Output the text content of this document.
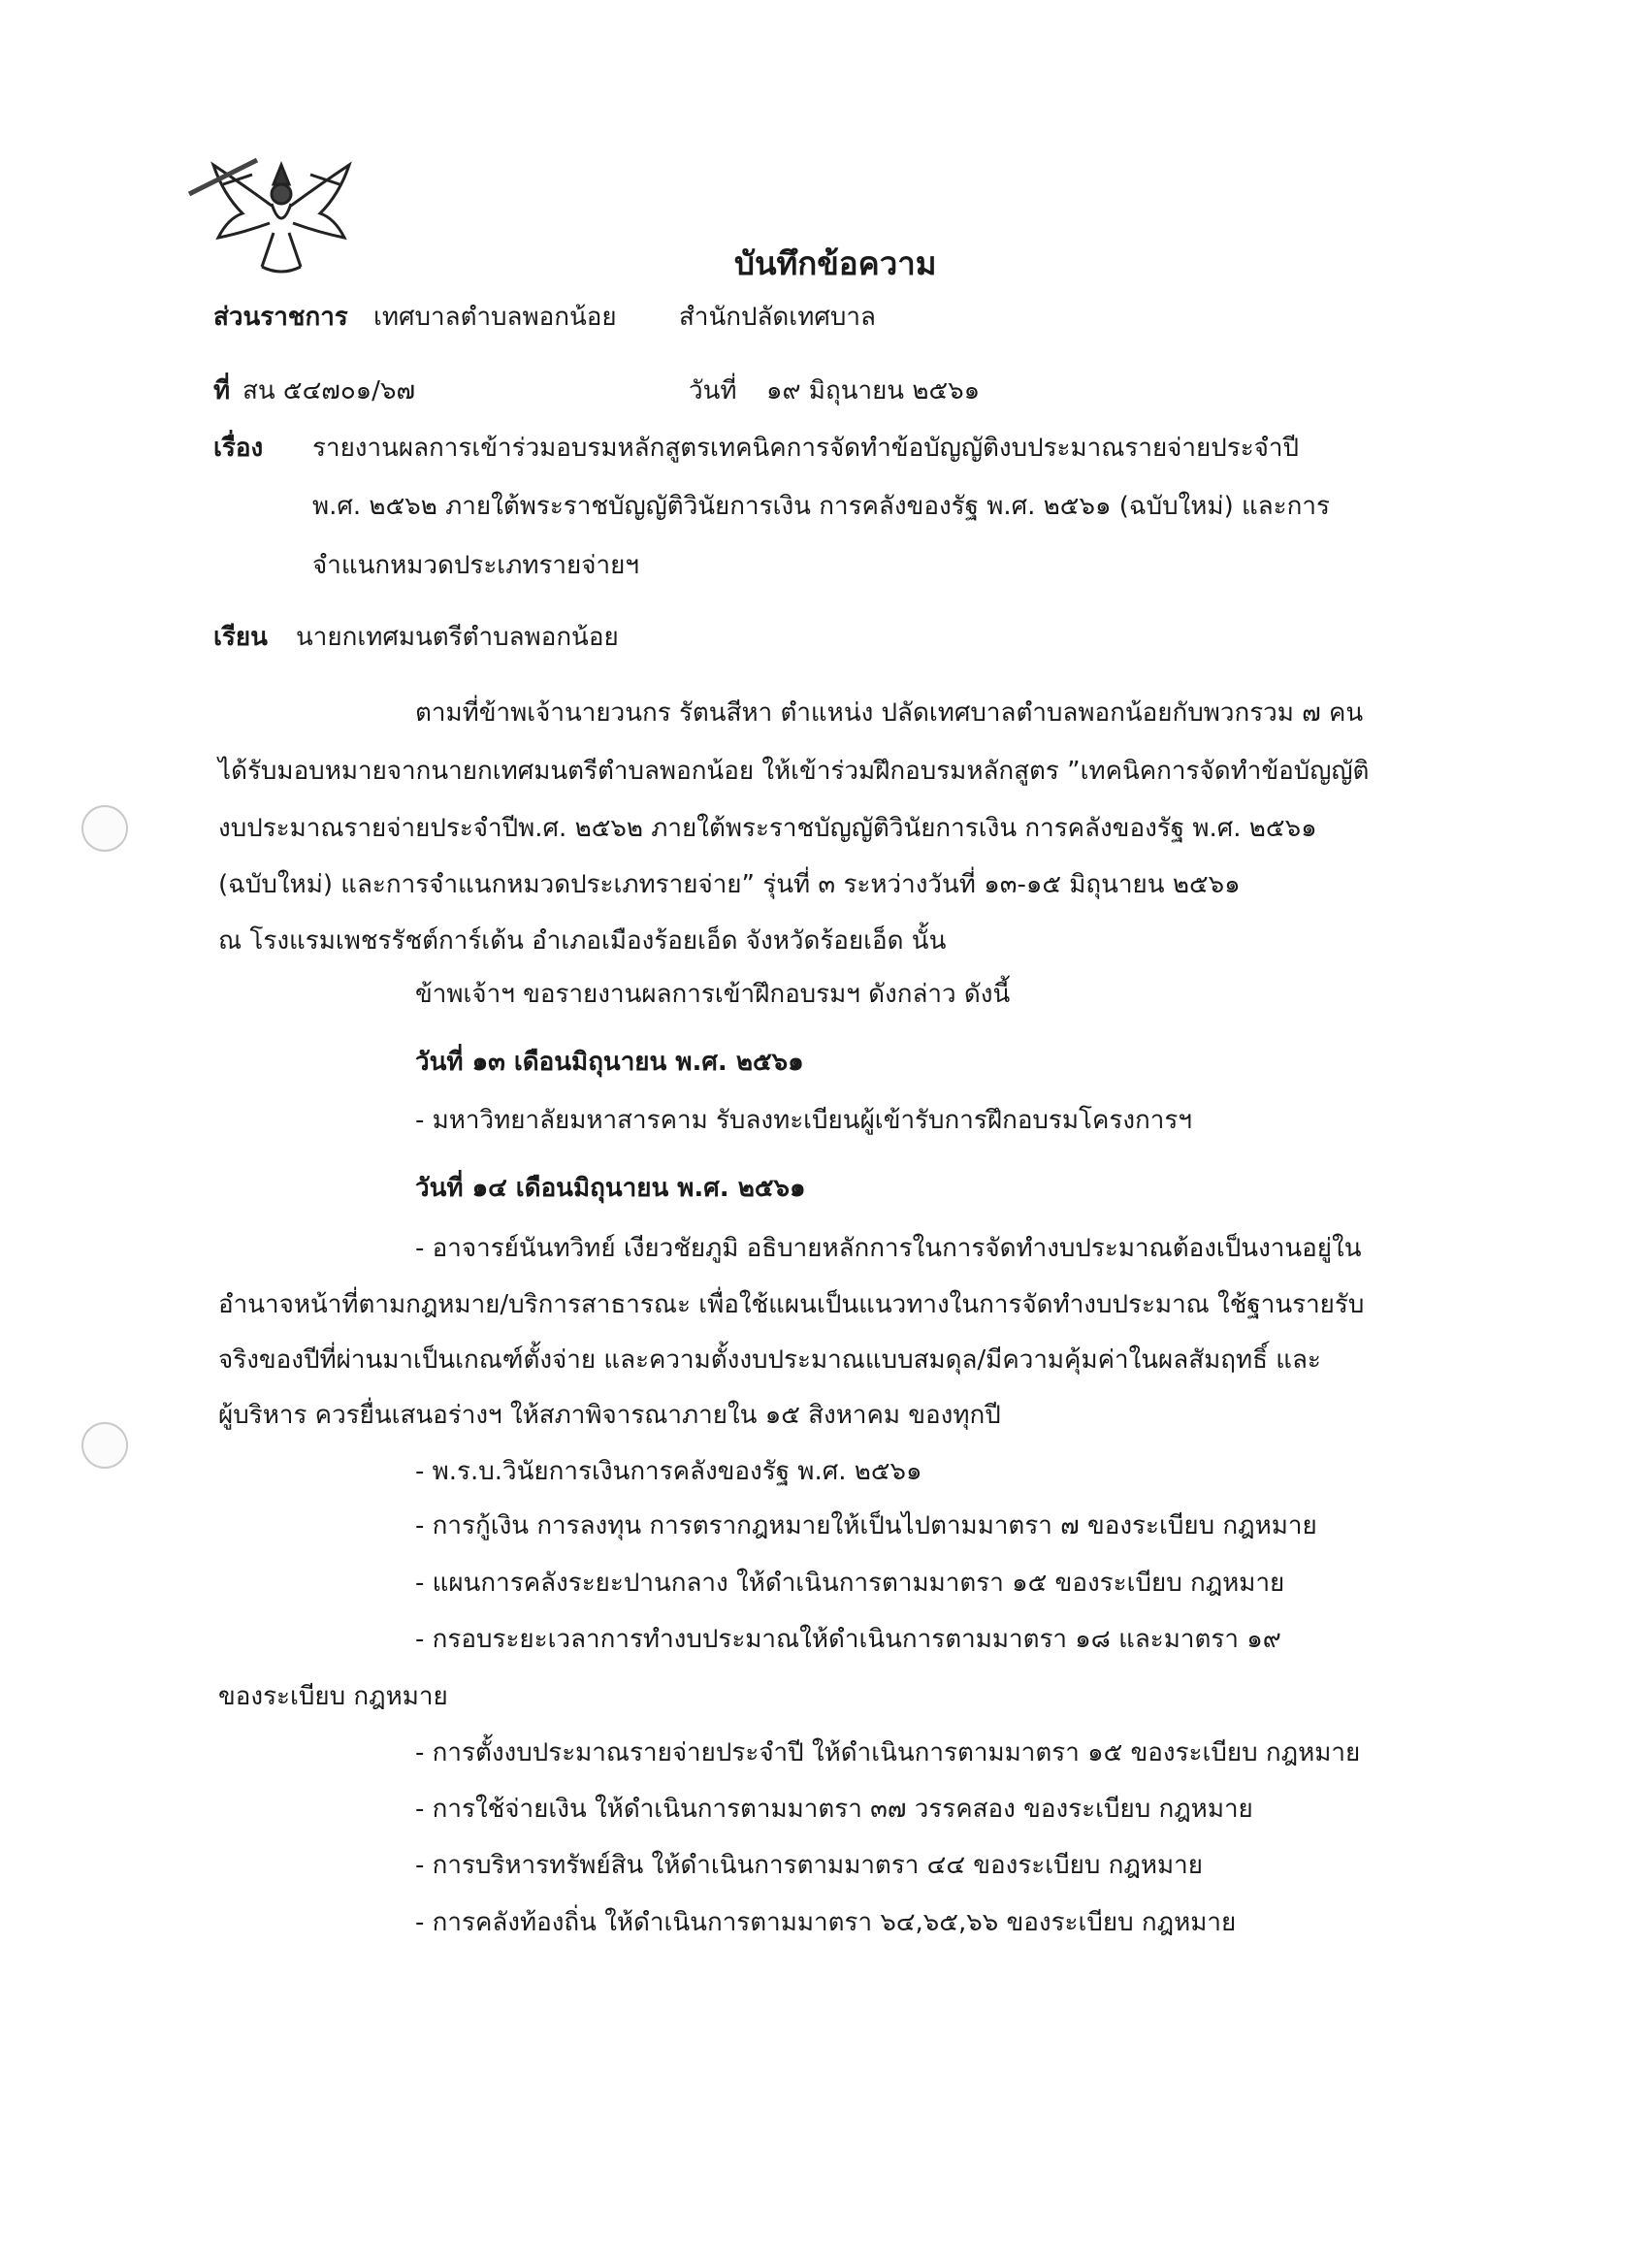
บันทึกข้อความ
ส่วนราชการ เทศบาลตำบลพอกน้อย สำนักปลัดเทศบาล
ที่ สน ๕๔๗๐๑/๖๗	วันที่ ๑๙ มิถุนายน ๒๕๖๑
เรื่อง รายงานผลการเข้าร่วมอบรมหลักสูตรเทคนิคการจัดทำข้อบัญญัติงบประมาณรายจ่ายประจำปี
พ.ศ. ๒๕๖๒ ภายใต้พระราชบัญญัติวินัยการเงิน การคลังของรัฐ พ.ศ. ๒๕๖๑ (ฉบับใหม่) และการ
จำแนกหมวดประเภทรายจ่ายฯ
เรียน นายกเทศมนตรีตำบลพอกน้อย
ตามที่ข้าพเจ้านายวนกร รัตนสีหา ตำแหน่ง ปลัดเทศบาลตำบลพอกน้อยกับพวกรวม ๗ คน
ได้รับมอบหมายจากนายกเทศมนตรีตำบลพอกน้อย ให้เข้าร่วมฝึกอบรมหลักสูตร ”เทคนิคการจัดทำข้อบัญญัติ
งบประมาณรายจ่ายประจำปีพ.ศ. ๒๕๖๒ ภายใต้พระราชบัญญัติวินัยการเงิน การคลังของรัฐ พ.ศ. ๒๕๖๑
(ฉบับใหม่) และการจำแนกหมวดประเภทรายจ่าย” รุ่นที่ ๓ ระหว่างวันที่ ๑๓-๑๕ มิถุนายน ๒๕๖๑
ณ โรงแรมเพชรรัชต์การ์เด้น อำเภอเมืองร้อยเอ็ด จังหวัดร้อยเอ็ด นั้น
ข้าพเจ้าฯ ขอรายงานผลการเข้าฝึกอบรมฯ ดังกล่าว ดังนี้
วันที่ ๑๓ เดือนมิถุนายน พ.ศ. ๒๕๖๑
- มหาวิทยาลัยมหาสารคาม รับลงทะเบียนผู้เข้ารับการฝึกอบรมโครงการฯ
วันที่ ๑๔ เดือนมิถุนายน พ.ศ. ๒๕๖๑
- อาจารย์นันทวิทย์ เงียวชัยภูมิ อธิบายหลักการในการจัดทำงบประมาณต้องเป็นงานอยู่ใน
อำนาจหน้าที่ตามกฎหมาย/บริการสาธารณะ เพื่อใช้แผนเป็นแนวทางในการจัดทำงบประมาณ ใช้ฐานรายรับ
จริงของปีที่ผ่านมาเป็นเกณฑ์ตั้งจ่าย และความตั้งงบประมาณแบบสมดุล/มีความคุ้มค่าในผลสัมฤทธิ์ และ
ผู้บริหาร ควรยื่นเสนอร่างฯ ให้สภาพิจารณาภายใน ๑๕ สิงหาคม ของทุกปี
- พ.ร.บ.วินัยการเงินการคลังของรัฐ พ.ศ. ๒๕๖๑
- การกู้เงิน การลงทุน การตรากฎหมายให้เป็นไปตามมาตรา ๗ ของระเบียบ กฎหมาย
- แผนการคลังระยะปานกลาง ให้ดำเนินการตามมาตรา ๑๕ ของระเบียบ กฎหมาย
- กรอบระยะเวลาการทำงบประมาณให้ดำเนินการตามมาตรา ๑๘ และมาตรา ๑๙
ของระเบียบ กฎหมาย
- การตั้งงบประมาณรายจ่ายประจำปี ให้ดำเนินการตามมาตรา ๑๕ ของระเบียบ กฎหมาย
- การใช้จ่ายเงิน ให้ดำเนินการตามมาตรา ๓๗ วรรคสอง ของระเบียบ กฎหมาย
- การบริหารทรัพย์สิน ให้ดำเนินการตามมาตรา ๔๔ ของระเบียบ กฎหมาย
- การคลังท้องถิ่น ให้ดำเนินการตามมาตรา ๖๔,๖๕,๖๖ ของระเบียบ กฎหมาย
